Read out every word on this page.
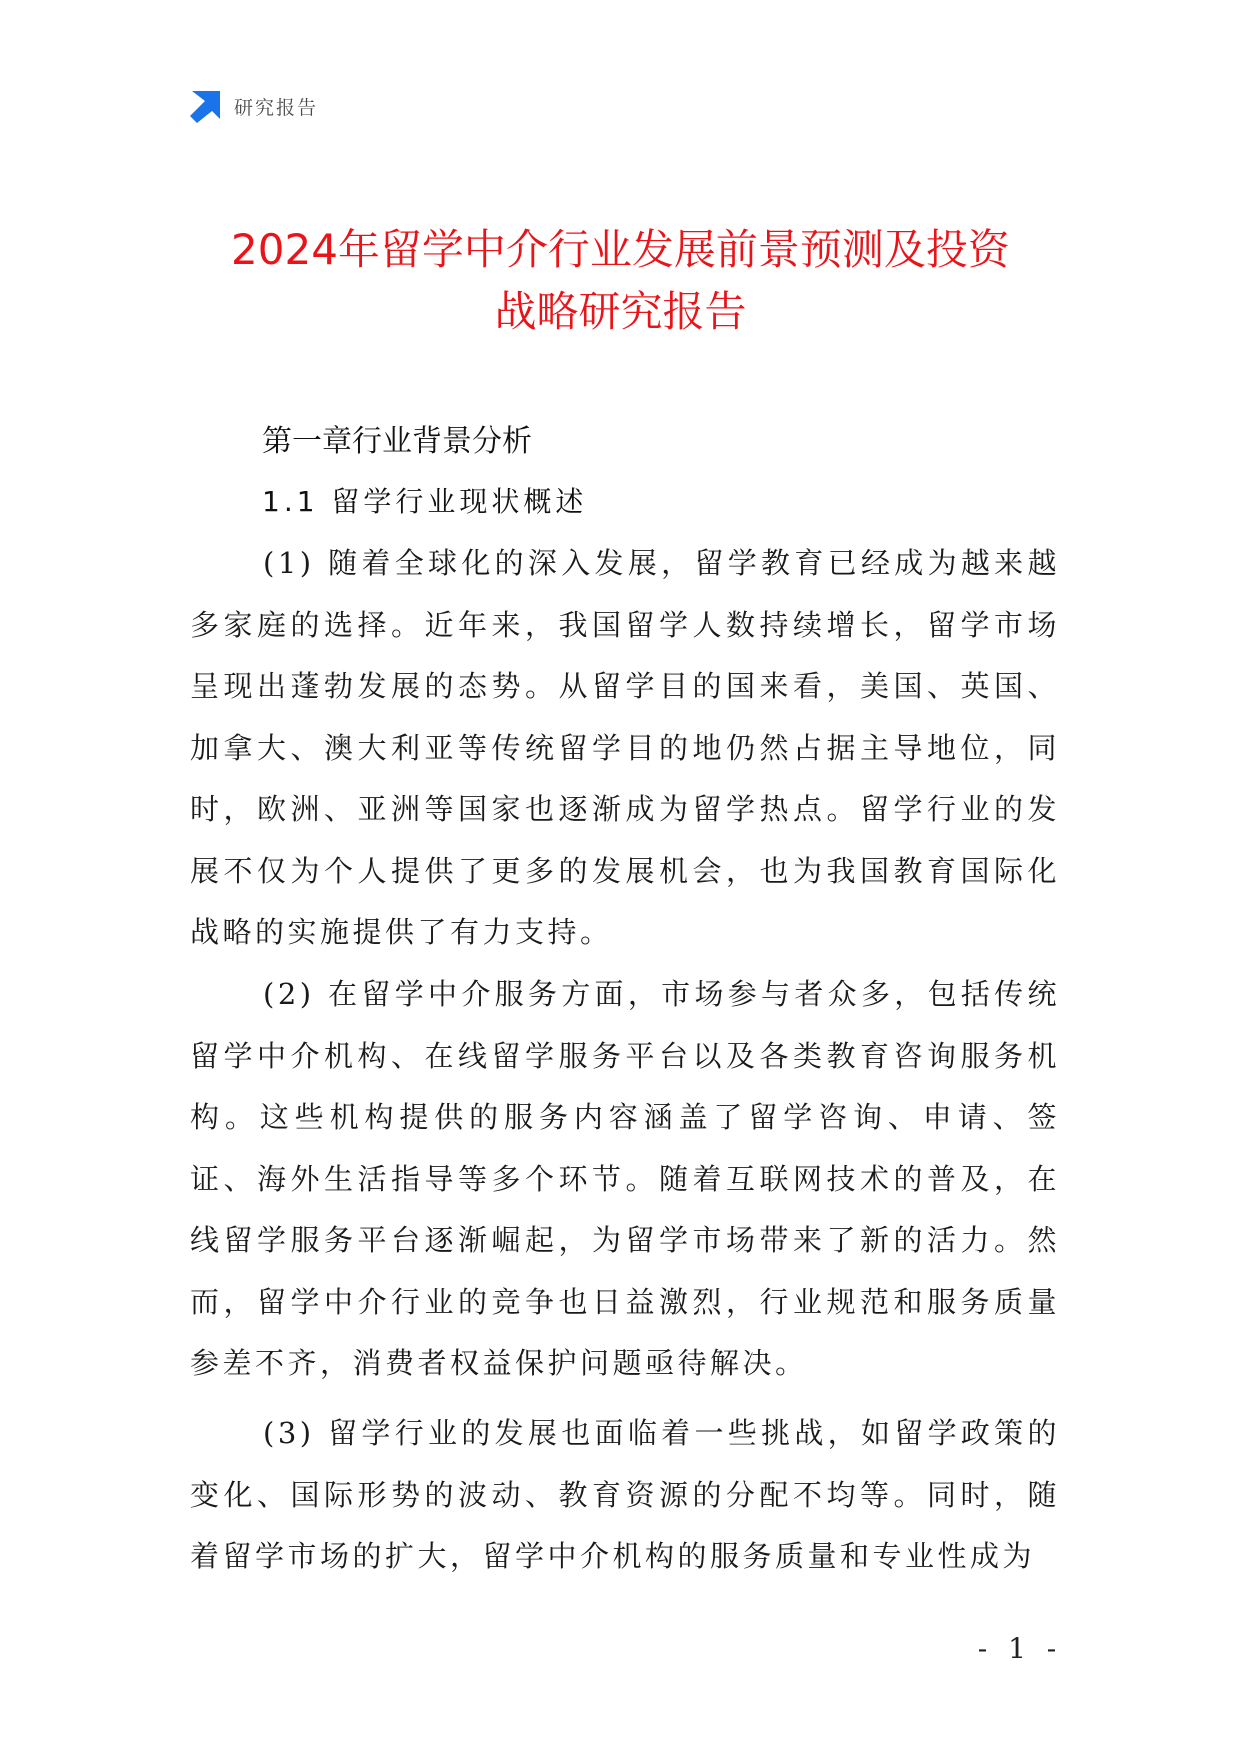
研究报告
2024年留学中介行业发展前景预测及投资
战略研究报告
第一章行业背景分析
1.1 留学行业现状概述

(1) 随着全球化的深入发展，留学教育已经成为越来越多家庭的选择。近年来，我国留学人数持续增长，留学市场呈现出蓬勃发展的态势。从留学目的国来看，美国、英国、加拿大、澳大利亚等传统留学目的地仍然占据主导地位，同时，欧洲、亚洲等国家也逐渐成为留学热点。留学行业的发展不仅为个人提供了更多的发展机会，也为我国教育国际化战略的实施提供了有力支持。

(2) 在留学中介服务方面，市场参与者众多，包括传统留学中介机构、在线留学服务平台以及各类教育咨询服务机构。这些机构提供的服务内容涵盖了留学咨询、申请、签证、海外生活指导等多个环节。随着互联网技术的普及，在线留学服务平台逐渐崛起，为留学市场带来了新的活力。然而，留学中介行业的竞争也日益激烈，行业规范和服务质量参差不齐，消费者权益保护问题亟待解决。

(3) 留学行业的发展也面临着一些挑战，如留学政策的变化、国际形势的波动、教育资源的分配不均等。同时，随着留学市场的扩大，留学中介机构的服务质量和专业性成为

- 1 -
